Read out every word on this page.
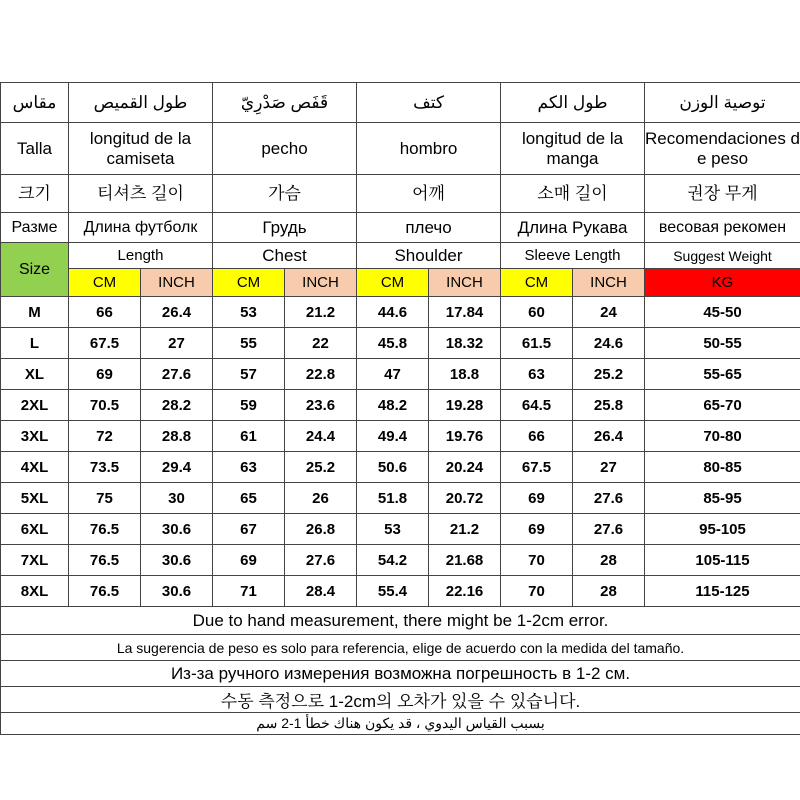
مقاس	طول القميص		قَفَص صَدْرِيّ		كتف		طول الكم		توصية الوزن
Talla	longitud de la camiseta		pecho		hombro		longitud de la manga		Recomendaciones de peso
크기	티셔츠 길이		가슴		어깨		소매 길이		권장 무게
Разме	Длина футболк		Грудь		плечо		Длина Рукава		весовая рекомен
Size	Length		Chest		Shoulder		Sleeve Length		Suggest Weight
	CM	INCH	CM	INCH	CM	INCH	CM	INCH	KG
M	66	26.4	53	21.2	44.6	17.84	60	24	45-50
L	67.5	27	55	22	45.8	18.32	61.5	24.6	50-55
XL	69	27.6	57	22.8	47	18.8	63	25.2	55-65
2XL	70.5	28.2	59	23.6	48.2	19.28	64.5	25.8	65-70
3XL	72	28.8	61	24.4	49.4	19.76	66	26.4	70-80
4XL	73.5	29.4	63	25.2	50.6	20.24	67.5	27	80-85
5XL	75	30	65	26	51.8	20.72	69	27.6	85-95
6XL	76.5	30.6	67	26.8	53	21.2	69	27.6	95-105
7XL	76.5	30.6	69	27.6	54.2	21.68	70	28	105-115
8XL	76.5	30.6	71	28.4	55.4	22.16	70	28	115-125
Due to hand measurement, there might be 1-2cm error.									
La sugerencia de peso es solo para referencia, elige de acuerdo con la medida del tamaño.									
Из-за ручного измерения возможна погрешность в 1-2 см.									
수동 측정으로 1-2cm의 오차가 있을 수 있습니다.									
بسبب القياس اليدوي ، قد يكون هناك خطأ 1-2 سم									
